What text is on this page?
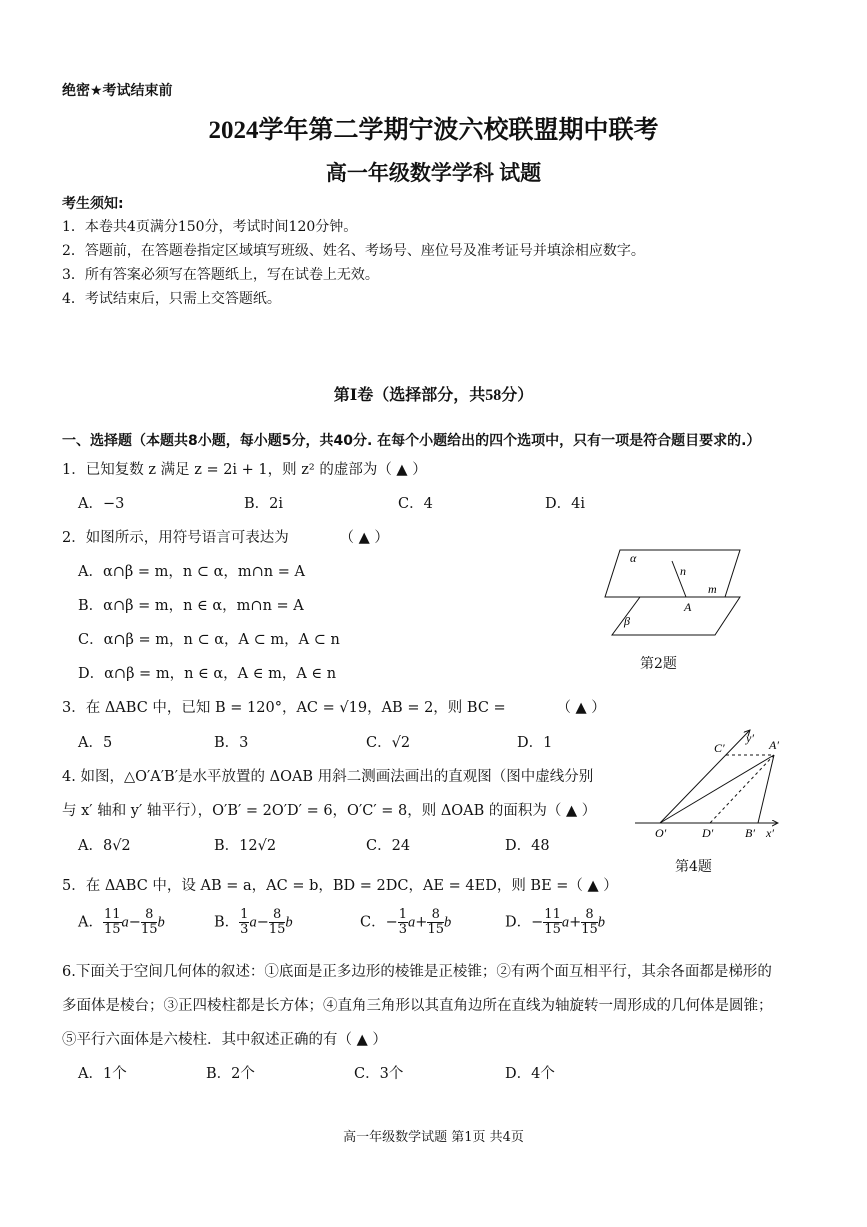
绝密★考试结束前
2024学年第二学期宁波六校联盟期中联考
高一年级数学学科 试题
考生须知:
1．本卷共4页满分150分，考试时间120分钟。
2．答题前，在答题卷指定区域填写班级、姓名、考场号、座位号及准考证号并填涂相应数字。
3．所有答案必须写在答题纸上，写在试卷上无效。
4．考试结束后，只需上交答题纸。
第Ⅰ卷（选择部分，共58分）
一、选择题（本题共8小题，每小题5分，共40分. 在每个小题给出的四个选项中，只有一项是符合题目要求的.）
1．已知复数 z 满足 z = 2i + 1，则 z² 的虚部为（ ▲ ）
A．−3	B．2i	C．4	D．4i
2．如图所示，用符号语言可表达为　　　　（ ▲ ）
A．α∩β = m，n ⊂ α，m∩n = A
B．α∩β = m，n ∈ α，m∩n = A
C．α∩β = m，n ⊂ α，A ⊂ m，A ⊂ n
D．α∩β = m，n ∈ α，A ∈ m，A ∈ n
α
n
m
A
β
第2题
3．在 ΔABC 中，已知 B = 120°，AC = √19，AB = 2，则 BC =　　　　（ ▲ ）
A．5	B．3	C．√2	D．1
4. 如图，△O′A′B′是水平放置的 ΔOAB 用斜二测画法画出的直观图（图中虚线分别
与 x′ 轴和 y′ 轴平行），O′B′ = 2O′D′ = 6，O′C′ = 8，则 ΔOAB 的面积为（ ▲ ）
A．8√2	B．12√2	C．24	D．48
C′
y′ A′
O′	D′	B′ x′
第4题
5．在 ΔABC 中，设 AB = a，AC = b，BD = 2DC，AE = 4ED，则 BE =（ ▲ ）
A． $\frac{11}{15} a- \frac{8}{15}$ b	B． $\frac{1}{3} a- \frac{8}{15}$ b	C．− $\frac{1}{3} a+ \frac{8}{15}$ b	D．− $\frac{11}{15} a+ \frac{8}{15}$ b
6.下面关于空间几何体的叙述：①底面是正多边形的棱锥是正棱锥；②有两个面互相平行，其余各面都是梯形的
多面体是棱台；③正四棱柱都是长方体；④直角三角形以其直角边所在直线为轴旋转一周形成的几何体是圆锥；
⑤平行六面体是六棱柱．其中叙述正确的有（ ▲ ）
A．1个	B．2个	C．3个	D．4个
高一年级数学试题 第1页 共4页
